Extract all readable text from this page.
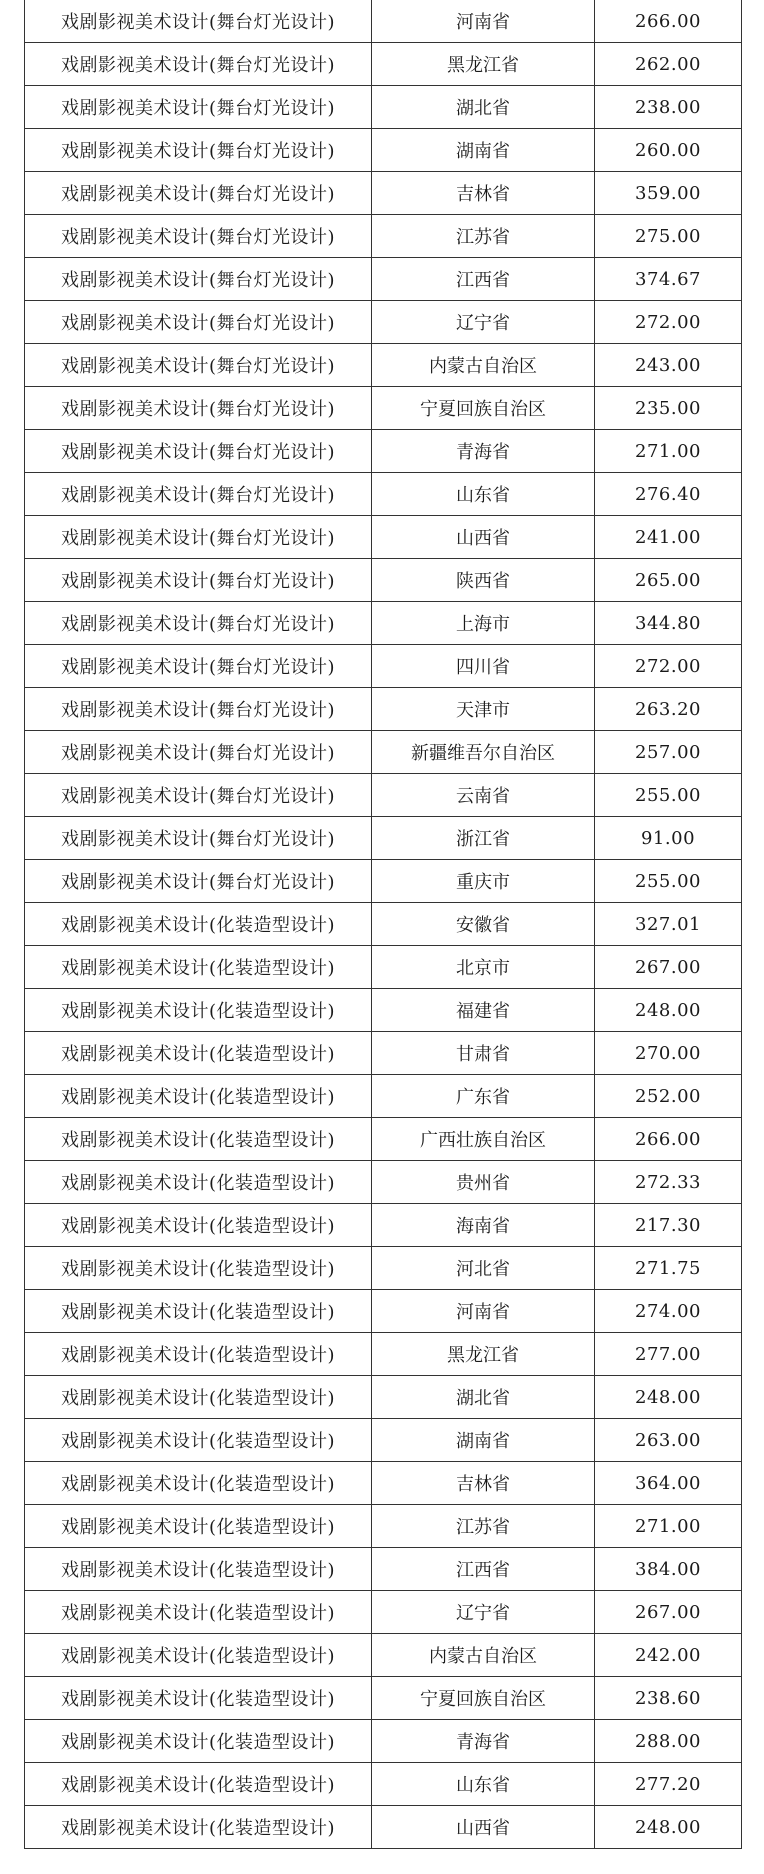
戏剧影视美术设计(舞台灯光设计)	河南省	266.00
戏剧影视美术设计(舞台灯光设计)	黑龙江省	262.00
戏剧影视美术设计(舞台灯光设计)	湖北省	238.00
戏剧影视美术设计(舞台灯光设计)	湖南省	260.00
戏剧影视美术设计(舞台灯光设计)	吉林省	359.00
戏剧影视美术设计(舞台灯光设计)	江苏省	275.00
戏剧影视美术设计(舞台灯光设计)	江西省	374.67
戏剧影视美术设计(舞台灯光设计)	辽宁省	272.00
戏剧影视美术设计(舞台灯光设计)	内蒙古自治区	243.00
戏剧影视美术设计(舞台灯光设计)	宁夏回族自治区	235.00
戏剧影视美术设计(舞台灯光设计)	青海省	271.00
戏剧影视美术设计(舞台灯光设计)	山东省	276.40
戏剧影视美术设计(舞台灯光设计)	山西省	241.00
戏剧影视美术设计(舞台灯光设计)	陕西省	265.00
戏剧影视美术设计(舞台灯光设计)	上海市	344.80
戏剧影视美术设计(舞台灯光设计)	四川省	272.00
戏剧影视美术设计(舞台灯光设计)	天津市	263.20
戏剧影视美术设计(舞台灯光设计)	新疆维吾尔自治区	257.00
戏剧影视美术设计(舞台灯光设计)	云南省	255.00
戏剧影视美术设计(舞台灯光设计)	浙江省	91.00
戏剧影视美术设计(舞台灯光设计)	重庆市	255.00
戏剧影视美术设计(化装造型设计)	安徽省	327.01
戏剧影视美术设计(化装造型设计)	北京市	267.00
戏剧影视美术设计(化装造型设计)	福建省	248.00
戏剧影视美术设计(化装造型设计)	甘肃省	270.00
戏剧影视美术设计(化装造型设计)	广东省	252.00
戏剧影视美术设计(化装造型设计)	广西壮族自治区	266.00
戏剧影视美术设计(化装造型设计)	贵州省	272.33
戏剧影视美术设计(化装造型设计)	海南省	217.30
戏剧影视美术设计(化装造型设计)	河北省	271.75
戏剧影视美术设计(化装造型设计)	河南省	274.00
戏剧影视美术设计(化装造型设计)	黑龙江省	277.00
戏剧影视美术设计(化装造型设计)	湖北省	248.00
戏剧影视美术设计(化装造型设计)	湖南省	263.00
戏剧影视美术设计(化装造型设计)	吉林省	364.00
戏剧影视美术设计(化装造型设计)	江苏省	271.00
戏剧影视美术设计(化装造型设计)	江西省	384.00
戏剧影视美术设计(化装造型设计)	辽宁省	267.00
戏剧影视美术设计(化装造型设计)	内蒙古自治区	242.00
戏剧影视美术设计(化装造型设计)	宁夏回族自治区	238.60
戏剧影视美术设计(化装造型设计)	青海省	288.00
戏剧影视美术设计(化装造型设计)	山东省	277.20
戏剧影视美术设计(化装造型设计)	山西省	248.00
